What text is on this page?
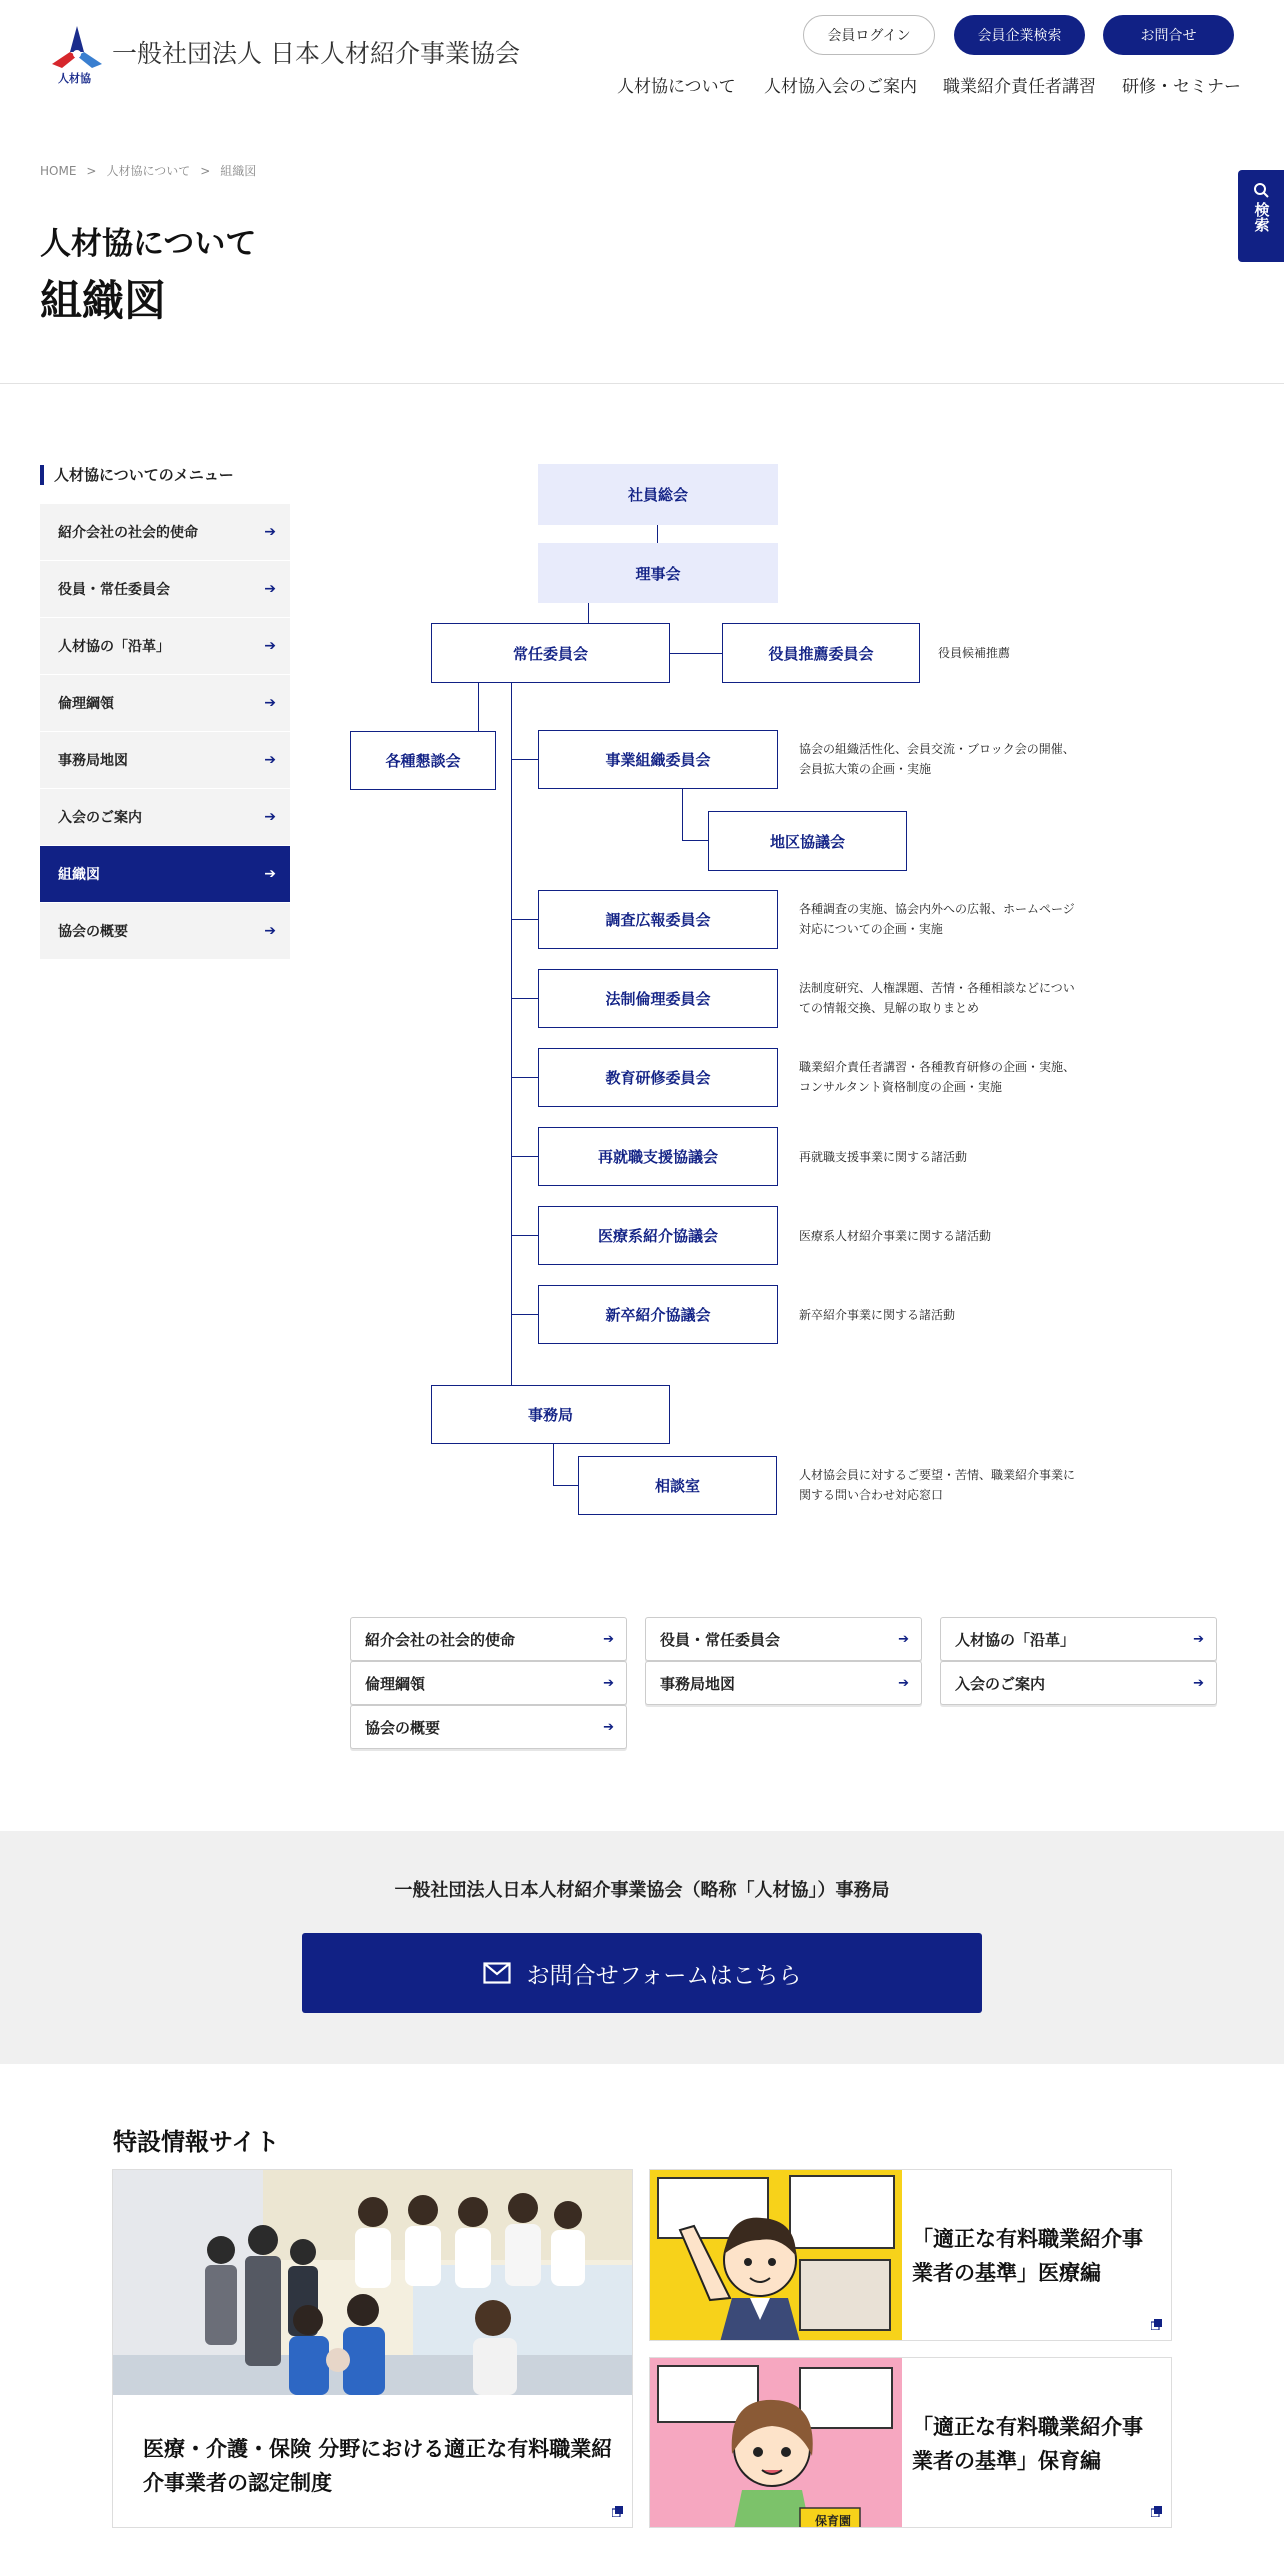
人材協
一般社団法人 日本人材紹介事業協会
会員ログイン	会員企業検索	お問合せ
人材協について 人材協入会のご案内 職業紹介責任者講習 研修・セミナー
検索
HOME > 人材協について > 組織図
人材協について
組織図
人材協についてのメニュー
紹介会社の社会的使命	➔
役員・常任委員会	➔
人材協の「沿革」	➔
倫理綱領	➔
事務局地図	➔
入会のご案内	➔
組織図	➔
協会の概要	➔
社員総会
理事会
常任委員会	役員推薦委員会	役員候補推薦
各種懇談会	事業組織委員会
協会の組織活性化、会員交流・ブロック会の開催、
会員拡大策の企画・実施
地区協議会
調査広報委員会
各種調査の実施、協会内外への広報、ホームページ
対応についての企画・実施
法制倫理委員会
法制度研究、人権課題、苦情・各種相談などについ
ての情報交換、見解の取りまとめ
教育研修委員会
職業紹介責任者講習・各種教育研修の企画・実施、
コンサルタント資格制度の企画・実施
再就職支援協議会	再就職支援事業に関する諸活動
医療系紹介協議会	医療系人材紹介事業に関する諸活動
新卒紹介協議会	新卒紹介事業に関する諸活動
事務局
相談室
人材協会員に対するご要望・苦情、職業紹介事業に
関する問い合わせ対応窓口
紹介会社の社会的使命	➔	役員・常任委員会	➔	人材協の「沿革」	➔
倫理綱領	➔	事務局地図	➔	入会のご案内	➔
協会の概要	➔
一般社団法人日本人材紹介事業協会（略称「人材協」）事務局
お問合せフォームはこちら
特設情報サイト
医療・介護・保険 分野における適正な有料職業紹介事業者の認定制度
「適正な有料職業紹介事業者の基準」医療編
保育園
「適正な有料職業紹介事業者の基準」保育編
